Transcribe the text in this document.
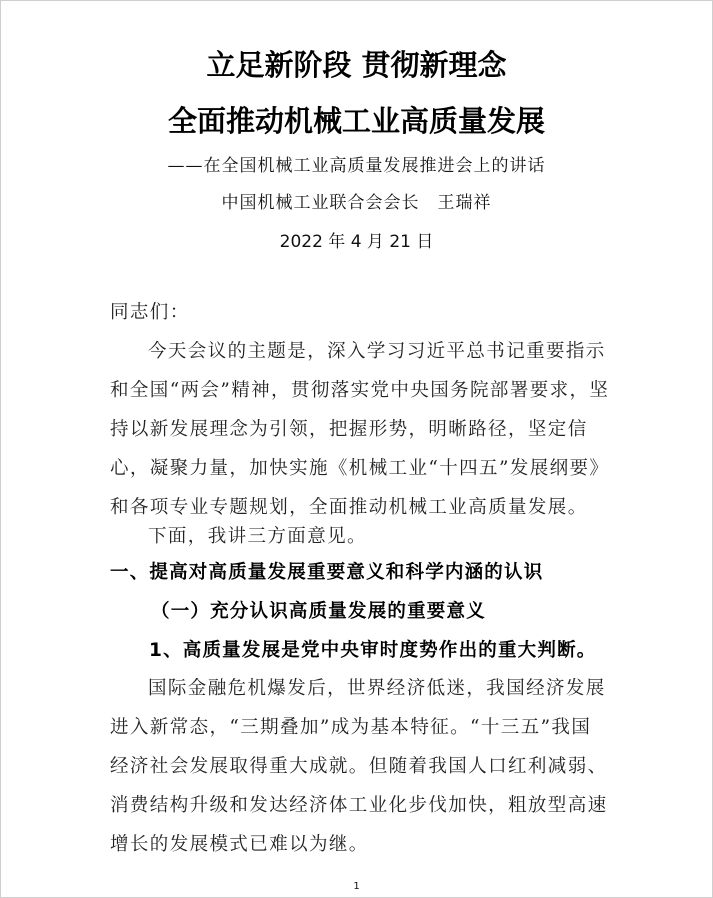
立足新阶段 贯彻新理念
全面推动机械工业高质量发展
——在全国机械工业高质量发展推进会上的讲话
中国机械工业联合会会长　王瑞祥
2022 年 4 月 21 日
同志们：
今天会议的主题是，深入学习习近平总书记重要指示和全国“两会”精神，贯彻落实党中央国务院部署要求，坚持以新发展理念为引领，把握形势，明晰路径，坚定信心，凝聚力量，加快实施《机械工业“十四五”发展纲要》和各项专业专题规划，全面推动机械工业高质量发展。
下面，我讲三方面意见。
一、提高对高质量发展重要意义和科学内涵的认识
（一）充分认识高质量发展的重要意义
1、高质量发展是党中央审时度势作出的重大判断。
国际金融危机爆发后，世界经济低迷，我国经济发展进入新常态，“三期叠加”成为基本特征。“十三五”我国经济社会发展取得重大成就。但随着我国人口红利减弱、消费结构升级和发达经济体工业化步伐加快，粗放型高速增长的发展模式已难以为继。
1
